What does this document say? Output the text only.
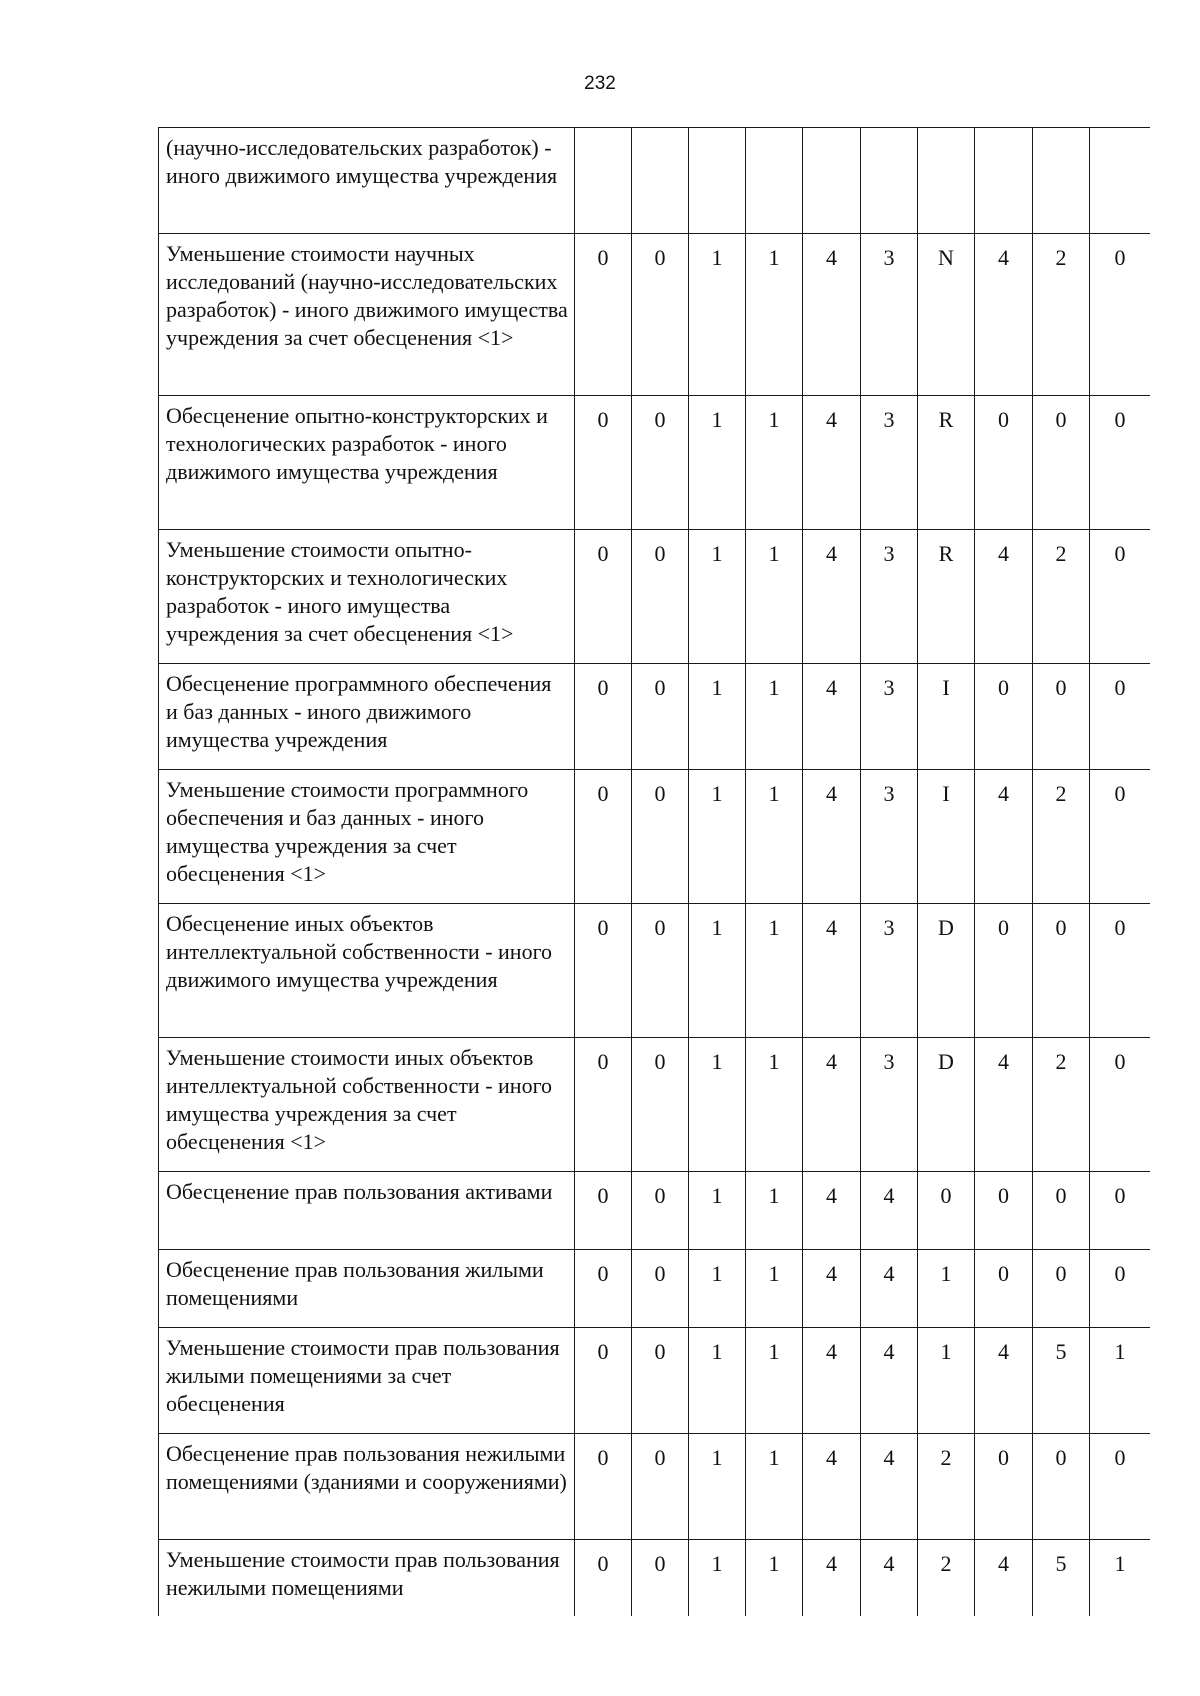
232
(научно-исследовательских разработок) - иного движимого имущества учреждения										
Уменьшение стоимости научных исследований (научно-исследовательских разработок) - иного движимого имущества учреждения за счет обесценения <1>	0	0	1	1	4	3	N	4	2	0
Обесценение опытно-конструкторских и технологических разработок - иного движимого имущества учреждения	0	0	1	1	4	3	R	0	0	0
Уменьшение стоимости опытно-конструкторских и технологических разработок - иного имущества учреждения за счет обесценения <1>	0	0	1	1	4	3	R	4	2	0
Обесценение программного обеспечения и баз данных - иного движимого имущества учреждения	0	0	1	1	4	3	I	0	0	0
Уменьшение стоимости программного обеспечения и баз данных - иного имущества учреждения за счет обесценения <1>	0	0	1	1	4	3	I	4	2	0
Обесценение иных объектов интеллектуальной собственности - иного движимого имущества учреждения	0	0	1	1	4	3	D	0	0	0
Уменьшение стоимости иных объектов интеллектуальной собственности - иного имущества учреждения за счет обесценения <1>	0	0	1	1	4	3	D	4	2	0
Обесценение прав пользования активами	0	0	1	1	4	4	0	0	0	0
Обесценение прав пользования жилыми помещениями	0	0	1	1	4	4	1	0	0	0
Уменьшение стоимости прав пользования жилыми помещениями за счет обесценения	0	0	1	1	4	4	1	4	5	1
Обесценение прав пользования нежилыми помещениями (зданиями и сооружениями)	0	0	1	1	4	4	2	0	0	0
Уменьшение стоимости прав пользования нежилыми помещениями	0	0	1	1	4	4	2	4	5	1
